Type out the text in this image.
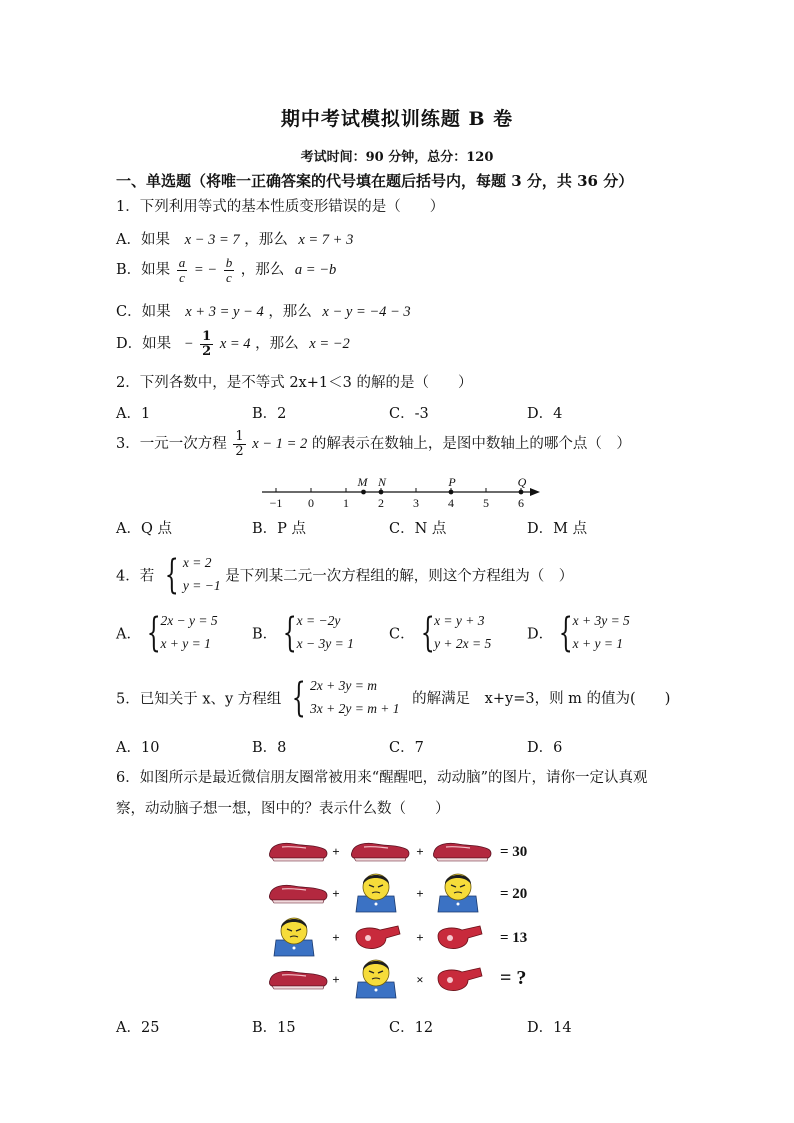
期中考试模拟训练题 B 卷
考试时间：90 分钟，总分：120
一、单选题（将唯一正确答案的代号填在题后括号内，每题 3 分，共 36 分）
1．下列利用等式的基本性质变形错误的是（　　）
A．如果 x − 3 = 7 ，那么 x = 7 + 3
B．如果 $\frac{a}{c}$ = − $\frac{b}{c}$ ，那么 a = −b
C．如果 x + 3 = y − 4 ，那么 x − y = −4 − 3
D．如果 − $\frac{1}{2}$ x = 4 ，那么 x = −2
2．下列各数中，是不等式 2x+1＜3 的解的是（　　）
A．1	B．2	C．-3	D．4
3．一元一次方程 $\frac{1}{2}$ x − 1 = 2 的解表示在数轴上，是图中数轴上的哪个点（　）
−1 0 1 2 3 4 5 6
M N	P	Q
A．Q 点	B．P 点	C．N 点	D．M 点
4．若 { x = 2
y = −1
是下列某二元一次方程组的解，则这个方程组为（　）
A． { 2x − y = 5
x + y = 1
B． { x = −2y
x − 3y = 1
C． { x = y + 3
y + 2x = 5
D． { x + 3y = 5
x + y = 1
5．已知关于 x、y 方程组 { 2x + 3y = m
3x + 2y = m + 1
的解满足　x+y=3，则 m 的值为(　　)
A．10	B．8	C．7	D．6
6．如图所示是最近微信朋友圈常被用来“醒醒吧，动动脑”的图片，请你一定认真观
察，动动脑子想一想，图中的？表示什么数（　　）
+	+	= 30
+	+	= 20
+	+	= 13
+	×	= ?
A．25	B．15	C．12	D．14
